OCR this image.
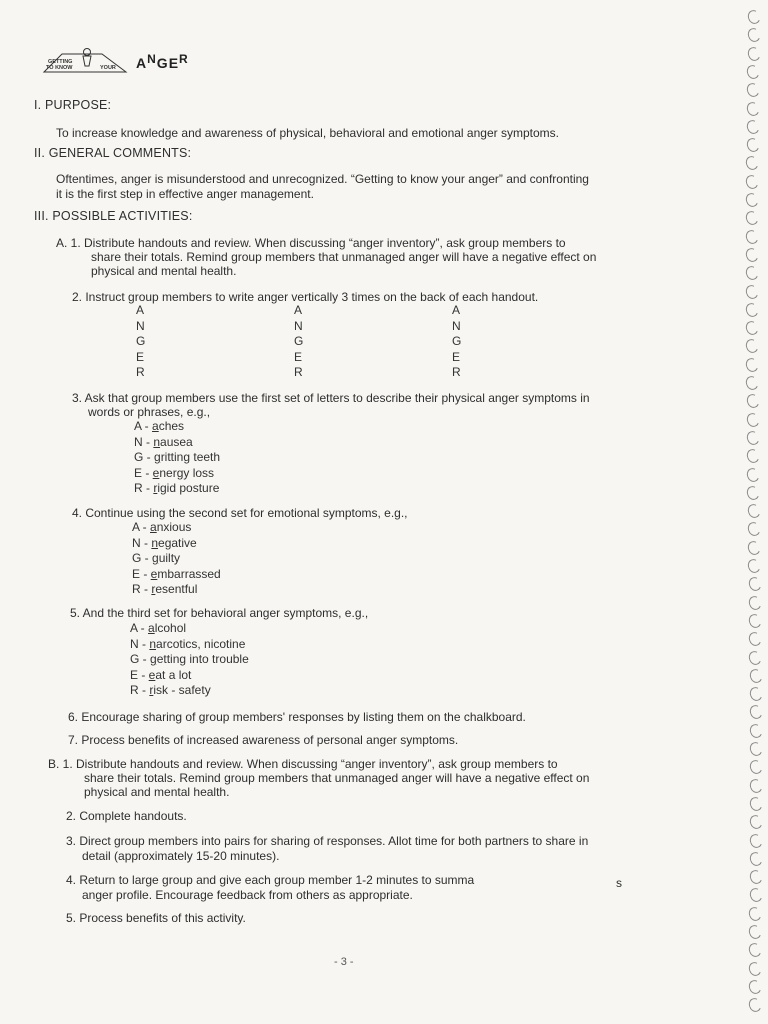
GETTING
TO KNOW	YOUR ANGER
I. PURPOSE:
To increase knowledge and awareness of physical, behavioral and emotional anger symptoms.
II. GENERAL COMMENTS:
Oftentimes, anger is misunderstood and unrecognized. “Getting to know your anger” and confronting
it is the first step in effective anger management.
III. POSSIBLE ACTIVITIES:
A. 1. Distribute handouts and review. When discussing “anger inventory”, ask group members to
share their totals. Remind group members that unmanaged anger will have a negative effect on
physical and mental health.
2. Instruct group members to write anger vertically 3 times on the back of each handout.
A
N
G
E
R
A
N
G
E
R
A
N
G
E
R
3. Ask that group members use the first set of letters to describe their physical anger symptoms in
words or phrases, e.g.,
A - aches
N - nausea
G - gritting teeth
E - energy loss
R - rigid posture
4. Continue using the second set for emotional symptoms, e.g.,
A - anxious
N - negative
G - guilty
E - embarrassed
R - resentful
5. And the third set for behavioral anger symptoms, e.g.,
A - alcohol
N - narcotics, nicotine
G - getting into trouble
E - eat a lot
R - risk - safety
6. Encourage sharing of group members' responses by listing them on the chalkboard.
7. Process benefits of increased awareness of personal anger symptoms.
B. 1. Distribute handouts and review. When discussing “anger inventory”, ask group members to
share their totals. Remind group members that unmanaged anger will have a negative effect on
physical and mental health.
2. Complete handouts.
3. Direct group members into pairs for sharing of responses. Allot time for both partners to share in
detail (approximately 15-20 minutes).
4. Return to large group and give each group member 1-2 minutes to summa	s
anger profile. Encourage feedback from others as appropriate.
5. Process benefits of this activity.
- 3 -
